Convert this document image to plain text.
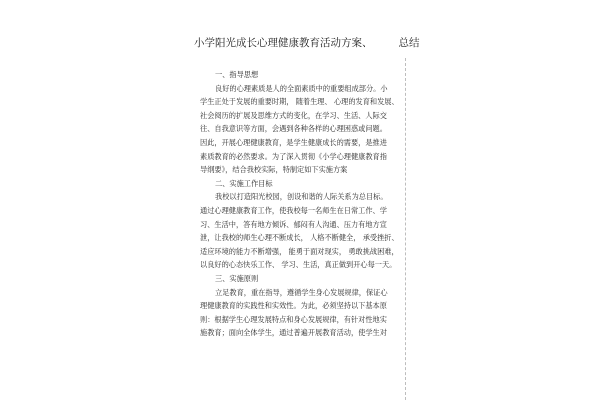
小学阳光成长心理健康教育活动方案、 总结
一、指导思想
良好的心理素质是人的全面素质中的重要组成部分。小
学生正处于发展的重要时期， 随着生理、 心理的发育和发展、
社会阅历的扩展及思维方式的变化，在学习、生活、人际交
往、自我意识等方面，会遇到各种各样的心理困惑或问题。
因此，开展心理健康教育，是学生健康成长的需要，是推进
素质教育的必然要求。为了深入贯彻《小学心理健康教育指
导纲要》，结合我校实际，特制定如下实施方案
二、实施工作目标
我校以打造阳光校园，创设和谐的人际关系为总目标。
通过心理健康教育工作，使我校每一名师生在日常工作、学
习、生活中，答有地方倾诉、郁闷有人沟通、压力有地方宣
泄，让我校的师生心理不断成长， 人格不断健全， 承受挫折、
适应环境的能力不断增强， 能勇于面对现实， 勇敢挑战困难，
以良好的心态快乐工作、 学习、生活，真正做到开心每一天。
三、实施原则
立足教育，重在指导，遵循学生身心发展规律，保证心
理健康教育的实践性和实效性。为此，必须坚持以下基本原
则：根据学生心理发展特点和身心发展规律，有针对性地实
施教育；面向全体学生，通过普遍开展教育活动，使学生对
